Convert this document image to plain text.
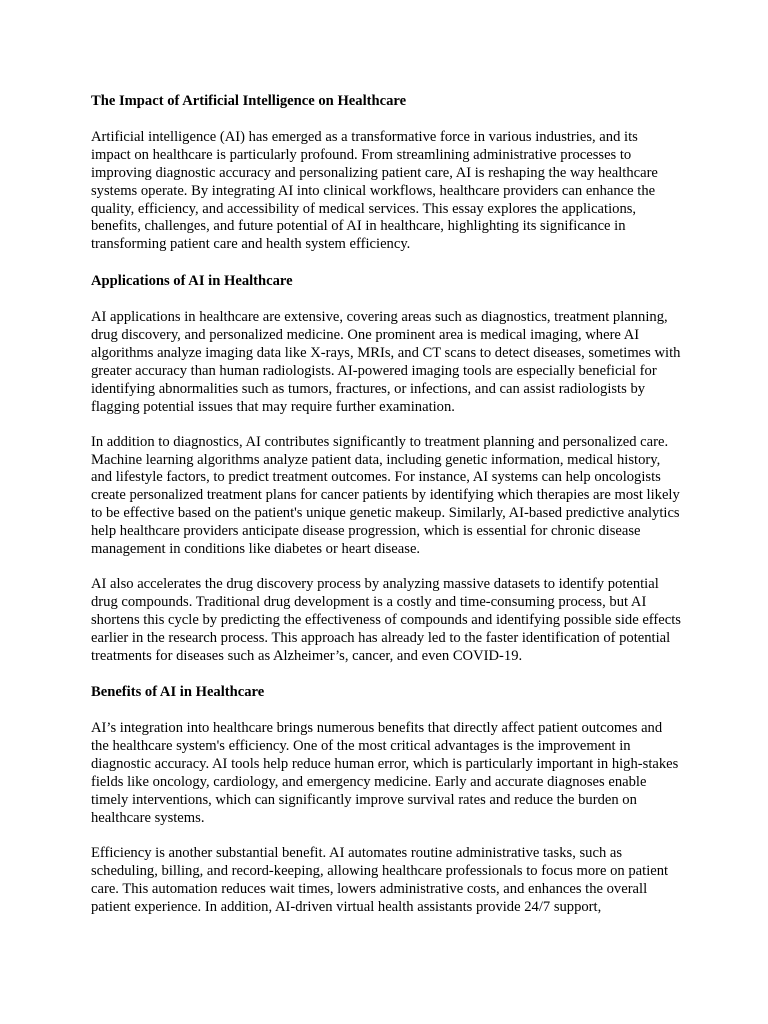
The Impact of Artificial Intelligence on Healthcare

Artificial intelligence (AI) has emerged as a transformative force in various industries, and its impact on healthcare is particularly profound. From streamlining administrative processes to improving diagnostic accuracy and personalizing patient care, AI is reshaping the way healthcare systems operate. By integrating AI into clinical workflows, healthcare providers can enhance the quality, efficiency, and accessibility of medical services. This essay explores the applications, benefits, challenges, and future potential of AI in healthcare, highlighting its significance in transforming patient care and health system efficiency.

Applications of AI in Healthcare

AI applications in healthcare are extensive, covering areas such as diagnostics, treatment planning, drug discovery, and personalized medicine. One prominent area is medical imaging, where AI algorithms analyze imaging data like X-rays, MRIs, and CT scans to detect diseases, sometimes with greater accuracy than human radiologists. AI-powered imaging tools are especially beneficial for identifying abnormalities such as tumors, fractures, or infections, and can assist radiologists by flagging potential issues that may require further examination.

In addition to diagnostics, AI contributes significantly to treatment planning and personalized care. Machine learning algorithms analyze patient data, including genetic information, medical history, and lifestyle factors, to predict treatment outcomes. For instance, AI systems can help oncologists create personalized treatment plans for cancer patients by identifying which therapies are most likely to be effective based on the patient's unique genetic makeup. Similarly, AI-based predictive analytics help healthcare providers anticipate disease progression, which is essential for chronic disease management in conditions like diabetes or heart disease.

AI also accelerates the drug discovery process by analyzing massive datasets to identify potential drug compounds. Traditional drug development is a costly and time-consuming process, but AI shortens this cycle by predicting the effectiveness of compounds and identifying possible side effects earlier in the research process. This approach has already led to the faster identification of potential treatments for diseases such as Alzheimer’s, cancer, and even COVID-19.

Benefits of AI in Healthcare

AI’s integration into healthcare brings numerous benefits that directly affect patient outcomes and the healthcare system's efficiency. One of the most critical advantages is the improvement in diagnostic accuracy. AI tools help reduce human error, which is particularly important in high-stakes fields like oncology, cardiology, and emergency medicine. Early and accurate diagnoses enable timely interventions, which can significantly improve survival rates and reduce the burden on healthcare systems.

Efficiency is another substantial benefit. AI automates routine administrative tasks, such as scheduling, billing, and record-keeping, allowing healthcare professionals to focus more on patient care. This automation reduces wait times, lowers administrative costs, and enhances the overall patient experience. In addition, AI-driven virtual health assistants provide 24/7 support,
